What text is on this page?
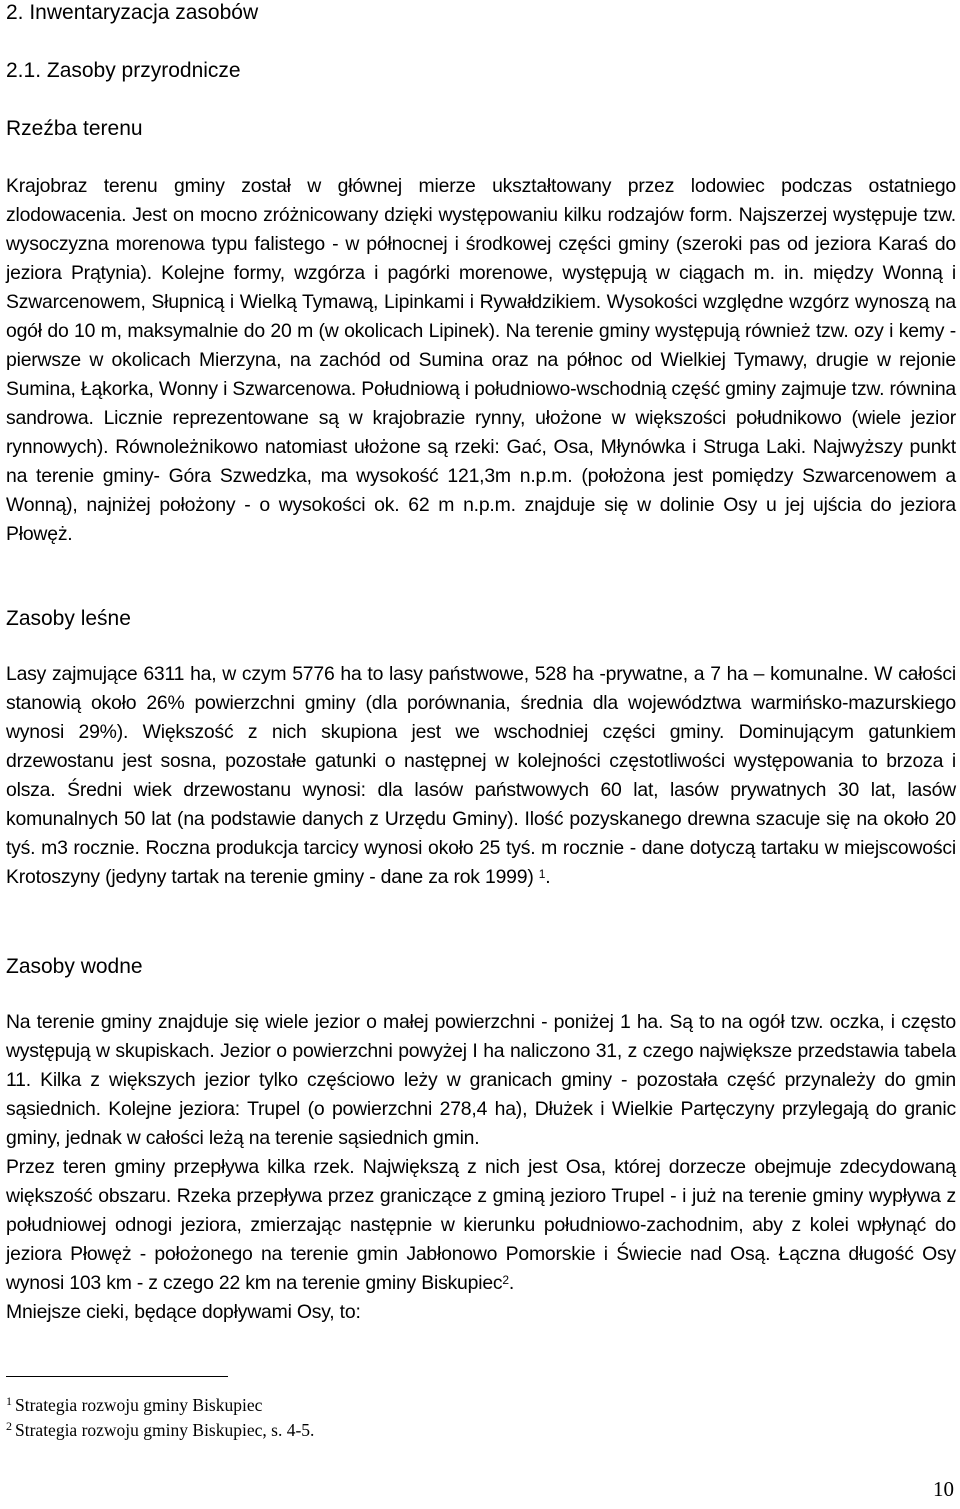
2. Inwentaryzacja zasobów
2.1. Zasoby przyrodnicze
Rzeźba terenu

Krajobraz terenu gminy został w głównej mierze ukształtowany przez lodowiec podczas ostatniego zlodowacenia. Jest on mocno zróżnicowany dzięki występowaniu kilku rodzajów form. Najszerzej występuje tzw. wysoczyzna morenowa typu falistego - w północnej i środkowej części gminy (szeroki pas od jeziora Karaś do jeziora Prątynia). Kolejne formy, wzgórza i pagórki morenowe, występują w ciągach m. in. między Wonną i Szwarcenowem, Słupnicą i Wielką Tymawą, Lipinkami i Rywałdzikiem. Wysokości względne wzgórz wynoszą na ogół do 10 m, maksymalnie do 20 m (w okolicach Lipinek). Na terenie gminy występują również tzw. ozy i kemy - pierwsze w okolicach Mierzyna, na zachód od Sumina oraz na północ od Wielkiej Tymawy, drugie w rejonie Sumina, Łąkorka, Wonny i Szwarcenowa. Południową i południowo-wschodnią część gminy zajmuje tzw. równina sandrowa. Licznie reprezentowane są w krajobrazie rynny, ułożone w większości południkowo (wiele jezior rynnowych). Równoleżnikowo natomiast ułożone są rzeki: Gać, Osa, Młynówka i Struga Laki. Najwyższy punkt na terenie gminy- Góra Szwedzka, ma wysokość 121,3m n.p.m. (położona jest pomiędzy Szwarcenowem a Wonną), najniżej położony - o wysokości ok. 62 m n.p.m. znajduje się w dolinie Osy u jej ujścia do jeziora Płowęż.

Zasoby leśne

Lasy zajmujące 6311 ha, w czym 5776 ha to lasy państwowe, 528 ha -prywatne, a 7 ha – komunalne. W całości stanowią około 26% powierzchni gminy (dla porównania, średnia dla województwa warmińsko-mazurskiego wynosi 29%). Większość z nich skupiona jest we wschodniej części gminy. Dominującym gatunkiem drzewostanu jest sosna, pozostałe gatunki o następnej w kolejności częstotliwości występowania to brzoza i olsza. Średni wiek drzewostanu wynosi: dla lasów państwowych 60 lat, lasów prywatnych 30 lat, lasów komunalnych 50 lat (na podstawie danych z Urzędu Gminy). Ilość pozyskanego drewna szacuje się na około 20 tyś. m3 rocznie. Roczna produkcja tarcicy wynosi około 25 tyś. m rocznie - dane dotyczą tartaku w miejscowości Krotoszyny (jedyny tartak na terenie gminy - dane za rok 1999) $^1$.

Zasoby wodne
Na terenie gminy znajduje się wiele jezior o małej powierzchni - poniżej 1 ha. Są to na ogół tzw. oczka, i często występują w skupiskach. Jezior o powierzchni powyżej I ha naliczono 31, z czego największe przedstawia tabela 11. Kilka z większych jezior tylko częściowo leży w granicach gminy - pozostała część przynależy do gmin sąsiednich. Kolejne jeziora: Trupel (o powierzchni 278,4 ha), Dłużek i Wielkie Partęczyny przylegają do granic gminy, jednak w całości leżą na terenie sąsiednich gmin.
Przez teren gminy przepływa kilka rzek. Największą z nich jest Osa, której dorzecze obejmuje zdecydowaną większość obszaru. Rzeka przepływa przez graniczące z gminą jezioro Trupel - i już na terenie gminy wypływa z południowej odnogi jeziora, zmierzając następnie w kierunku południowo-zachodnim, aby z kolei wpłynąć do jeziora Płowęż - położonego na terenie gmin Jabłonowo Pomorskie i Świecie nad Osą. Łączna długość Osy wynosi 103 km - z czego 22 km na terenie gminy Biskupiec$^2$.
Mniejsze cieki, będące dopływami Osy, to:
$^1$ Strategia rozwoju gminy Biskupiec
$^2$ Strategia rozwoju gminy Biskupiec, s. 4-5.
10
